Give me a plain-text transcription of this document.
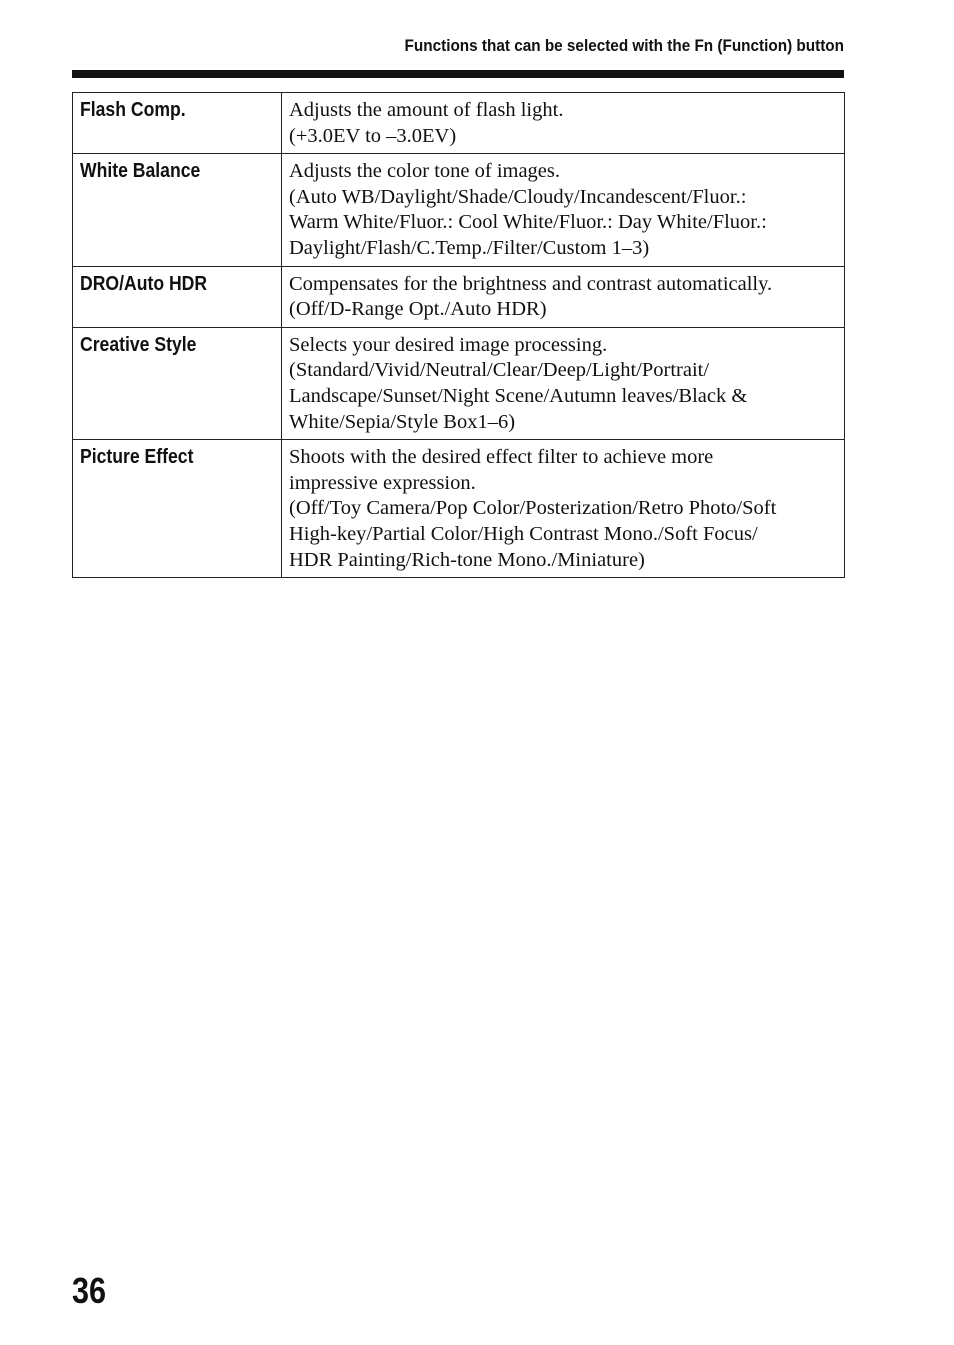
Functions that can be selected with the Fn (Function) button
Flash Comp.	Adjusts the amount of flash light.
(+3.0EV to –3.0EV)

White Balance	Adjusts the color tone of images.
(Auto WB/Daylight/Shade/Cloudy/Incandescent/Fluor.:
Warm White/Fluor.: Cool White/Fluor.: Day White/Fluor.:
Daylight/Flash/C.Temp./Filter/Custom 1–3)

DRO/Auto HDR	Compensates for the brightness and contrast automatically.
(Off/D-Range Opt./Auto HDR)

Creative Style	Selects your desired image processing.
(Standard/Vivid/Neutral/Clear/Deep/Light/Portrait/
Landscape/Sunset/Night Scene/Autumn leaves/Black &
White/Sepia/Style Box1–6)

Picture Effect	Shoots with the desired effect filter to achieve more
impressive expression.
(Off/Toy Camera/Pop Color/Posterization/Retro Photo/Soft
High-key/Partial Color/High Contrast Mono./Soft Focus/
HDR Painting/Rich-tone Mono./Miniature)
36
